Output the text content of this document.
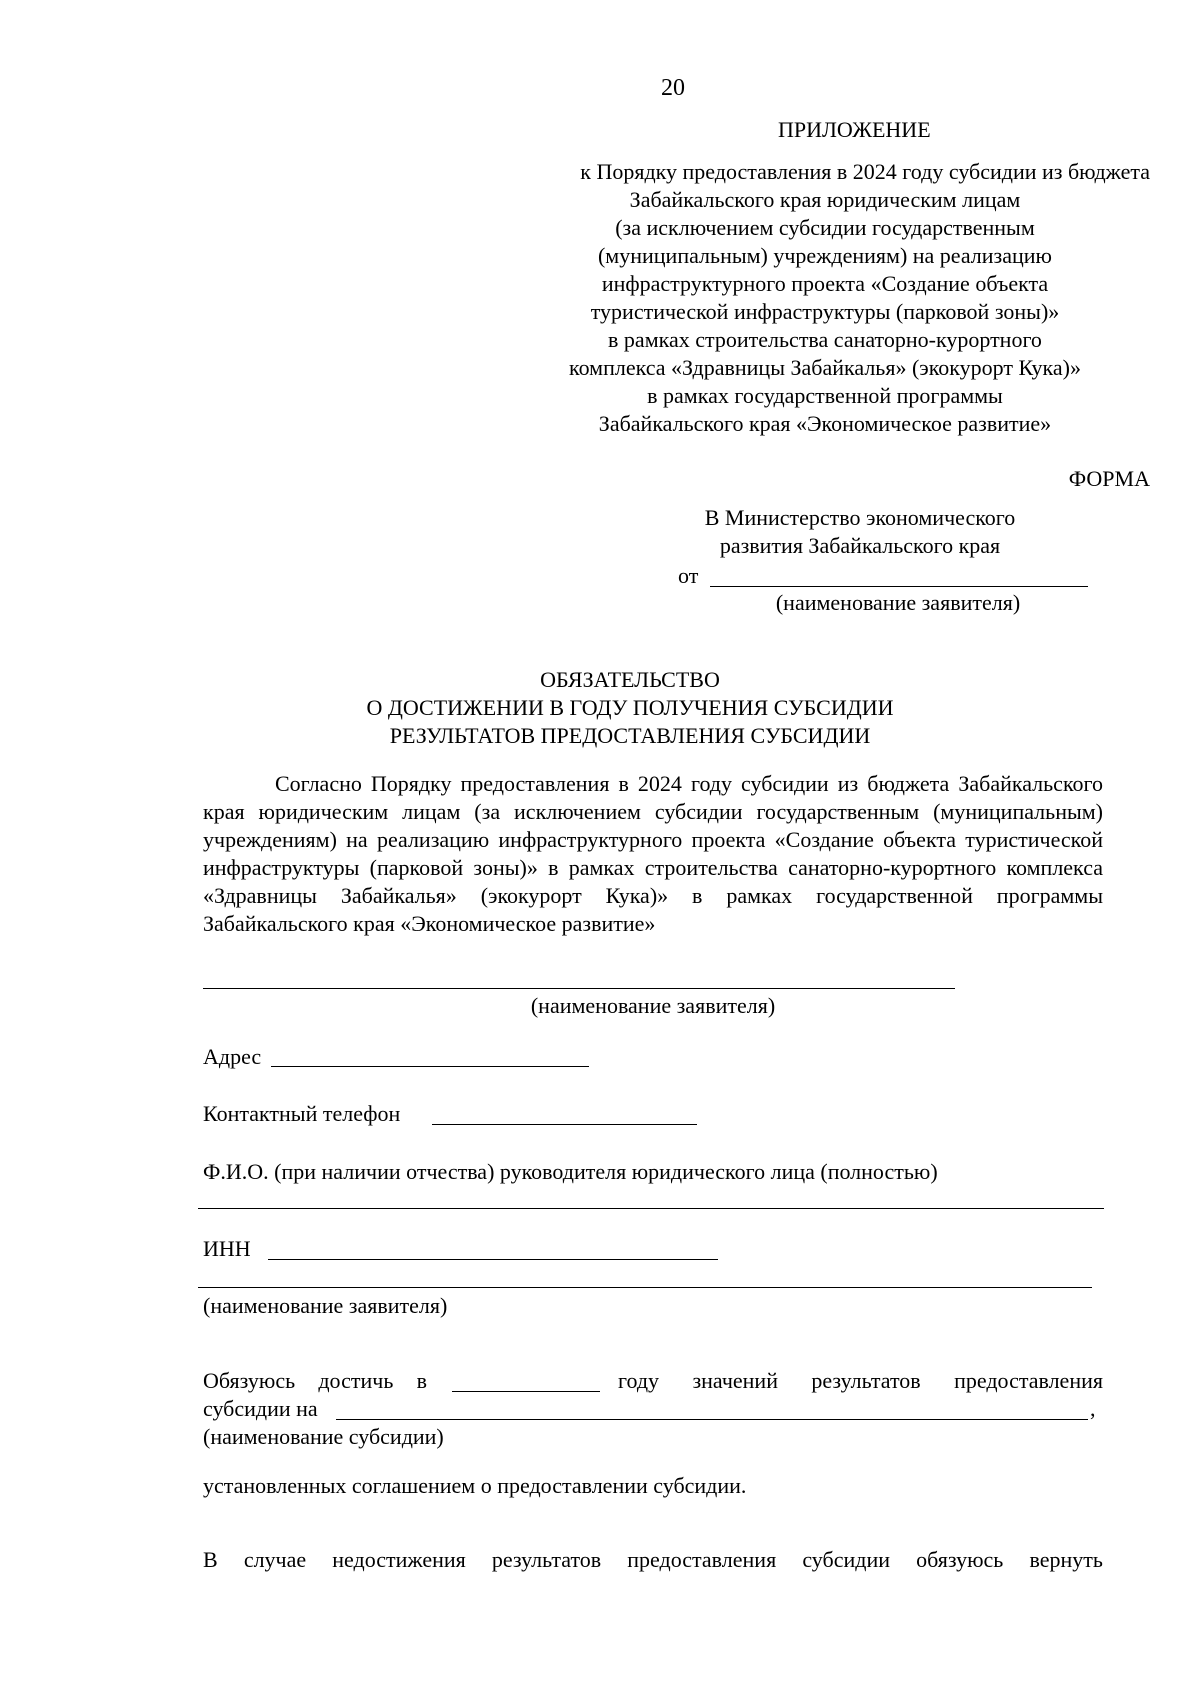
20
ПРИЛОЖЕНИЕ
к Порядку предоставления в 2024 году субсидии из бюджета
Забайкальского края юридическим лицам
(за исключением субсидии государственным
(муниципальным) учреждениям) на реализацию
инфраструктурного проекта «Создание объекта
туристической инфраструктуры (парковой зоны)»
в рамках строительства санаторно-курортного
комплекса «Здравницы Забайкалья» (экокурорт Кука)»
в рамках государственной программы
Забайкальского края «Экономическое развитие»
ФОРМА
В Министерство экономического
развития Забайкальского края
от
(наименование заявителя)
ОБЯЗАТЕЛЬСТВО
О ДОСТИЖЕНИИ В ГОДУ ПОЛУЧЕНИЯ СУБСИДИИ
РЕЗУЛЬТАТОВ ПРЕДОСТАВЛЕНИЯ СУБСИДИИ
Согласно Порядку предоставления в 2024 году субсидии из бюджета Забайкальского края юридическим лицам (за исключением субсидии государственным (муниципальным) учреждениям) на реализацию инфраструктурного проекта «Создание объекта туристической инфраструктуры (парковой зоны)» в рамках строительства санаторно-курортного комплекса «Здравницы Забайкалья» (экокурорт Кука)» в рамках государственной программы Забайкальского края «Экономическое развитие»
(наименование заявителя)
Адрес
Контактный телефон
Ф.И.О. (при наличии отчества) руководителя юридического лица (полностью)
ИНН
(наименование заявителя)
Обязуюсь достичь в	году значений результатов предоставления
субсидии на	,
(наименование субсидии)
установленных соглашением о предоставлении субсидии.
В случае недостижения результатов предоставления субсидии обязуюсь вернуть
